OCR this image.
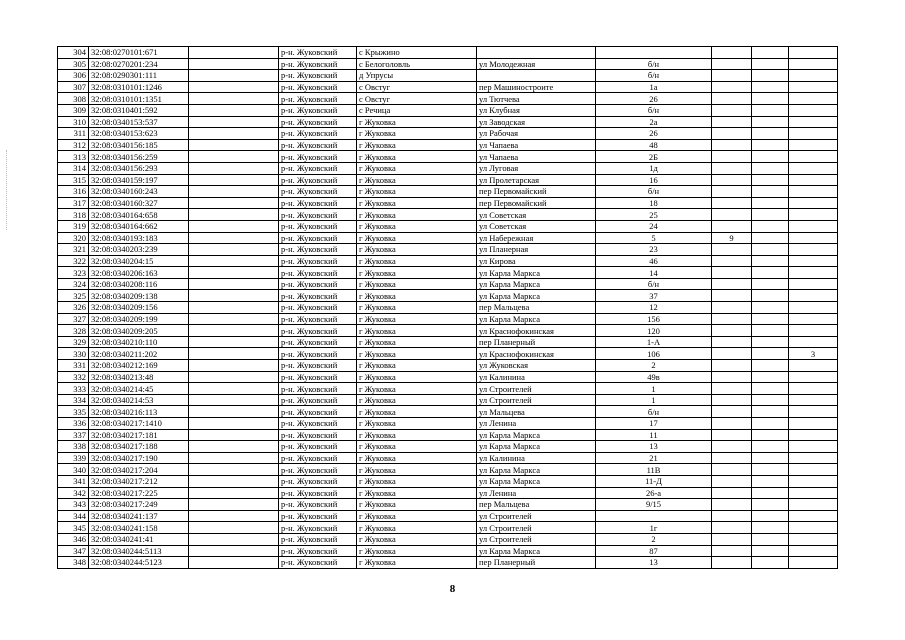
304	32:08:0270101:671		р-н. Жуковский	с Крыжино					
305	32:08:0270201:234		р-н. Жуковский	с Белоголовль	ул Молодежная	б/н			
306	32:08:0290301:111		р-н. Жуковский	д Упрусы		б/н			
307	32:08:0310101:1246		р-н. Жуковский	с Овстуг	пер Машиностроите	1а			
308	32:08:0310101:1351		р-н. Жуковский	с Овстуг	ул Тютчева	26			
309	32:08:0310401:592		р-н. Жуковский	с Речица	ул Клубная	б/н			
310	32:08:0340153:537		р-н. Жуковский	г Жуковка	ул Заводская	2а			
311	32:08:0340153:623		р-н. Жуковский	г Жуковка	ул Рабочая	26			
312	32:08:0340156:185		р-н. Жуковский	г Жуковка	ул Чапаева	48			
313	32:08:0340156:259		р-н. Жуковский	г Жуковка	ул Чапаева	2Б			
314	32:08:0340156:293		р-н. Жуковский	г Жуковка	ул Луговая	1д			
315	32:08:0340159:197		р-н. Жуковский	г Жуковка	ул Пролетарская	16			
316	32:08:0340160:243		р-н. Жуковский	г Жуковка	пер Первомайский	б/н			
317	32:08:0340160:327		р-н. Жуковский	г Жуковка	пер Первомайский	18			
318	32:08:0340164:658		р-н. Жуковский	г Жуковка	ул Советская	25			
319	32:08:0340164:662		р-н. Жуковский	г Жуковка	ул Советская	24			
320	32:08:0340193:183		р-н. Жуковский	г Жуковка	ул Набережная	5	9		
321	32:08:0340203:239		р-н. Жуковский	г Жуковка	ул Планерная	23			
322	32:08:0340204:15		р-н. Жуковский	г Жуковка	ул Кирова	46			
323	32:08:0340206:163		р-н. Жуковский	г Жуковка	ул Карла Маркса	14			
324	32:08:0340208:116		р-н. Жуковский	г Жуковка	ул Карла Маркса	б/н			
325	32:08:0340209:138		р-н. Жуковский	г Жуковка	ул Карла Маркса	37			
326	32:08:0340209:156		р-н. Жуковский	г Жуковка	пер Мальцева	12			
327	32:08:0340209:199		р-н. Жуковский	г Жуковка	ул Карла Маркса	156			
328	32:08:0340209:205		р-н. Жуковский	г Жуковка	ул Краснофокинская	120			
329	32:08:0340210:110		р-н. Жуковский	г Жуковка	пер Планерный	1-А			
330	32:08:0340211:202		р-н. Жуковский	г Жуковка	ул Краснофокинская	106			3
331	32:08:0340212:169		р-н. Жуковский	г Жуковка	ул Жуковская	2			
332	32:08:0340213:48		р-н. Жуковский	г Жуковка	ул Калинина	49в			
333	32:08:0340214:45		р-н. Жуковский	г Жуковка	ул Строителей	1			
334	32:08:0340214:53		р-н. Жуковский	г Жуковка	ул Строителей	1			
335	32:08:0340216:113		р-н. Жуковский	г Жуковка	ул Мальцева	б/н			
336	32:08:0340217:1410		р-н. Жуковский	г Жуковка	ул Ленина	17			
337	32:08:0340217:181		р-н. Жуковский	г Жуковка	ул Карла Маркса	11			
338	32:08:0340217:188		р-н. Жуковский	г Жуковка	ул Карла Маркса	13			
339	32:08:0340217:190		р-н. Жуковский	г Жуковка	ул Калинина	21			
340	32:08:0340217:204		р-н. Жуковский	г Жуковка	ул Карла Маркса	11В			
341	32:08:0340217:212		р-н. Жуковский	г Жуковка	ул Карла Маркса	11-Д			
342	32:08:0340217:225		р-н. Жуковский	г Жуковка	ул Ленина	26-а			
343	32:08:0340217:249		р-н. Жуковский	г Жуковка	пер Мальцева	9/15			
344	32:08:0340241:137		р-н. Жуковский	г Жуковка	ул Строителей				
345	32:08:0340241:158		р-н. Жуковский	г Жуковка	ул Строителей	1г			
346	32:08:0340241:41		р-н. Жуковский	г Жуковка	ул Строителей	2			
347	32:08:0340244:5113		р-н. Жуковский	г Жуковка	ул Карла Маркса	87			
348	32:08:0340244:5123		р-н. Жуковский	г Жуковка	пер Планерный	13			
8
